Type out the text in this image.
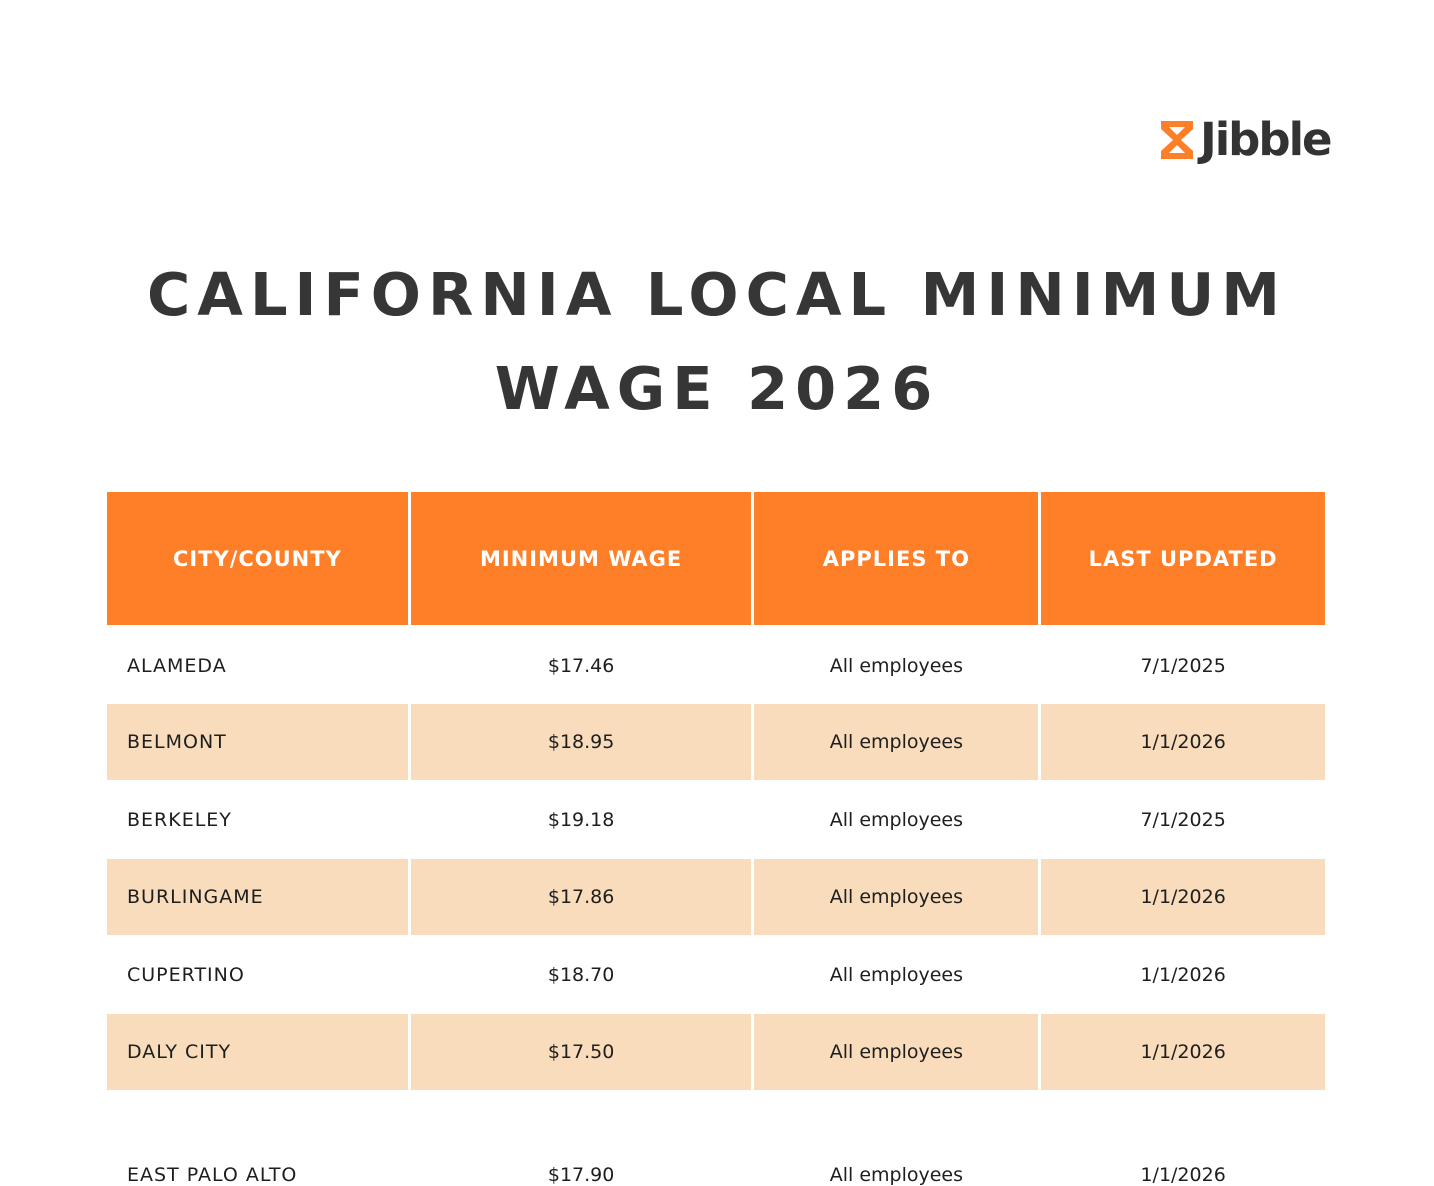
Jibble
CALIFORNIA LOCAL MINIMUM
WAGE 2026
CITY/COUNTY	MINIMUM WAGE	APPLIES TO	LAST UPDATED
ALAMEDA	$17.46	All employees	7/1/2025
BELMONT	$18.95	All employees	1/1/2026
BERKELEY	$19.18	All employees	7/1/2025
BURLINGAME	$17.86	All employees	1/1/2026
CUPERTINO	$18.70	All employees	1/1/2026
DALY CITY	$17.50	All employees	1/1/2026
EAST PALO ALTO	$17.90	All employees	1/1/2026
